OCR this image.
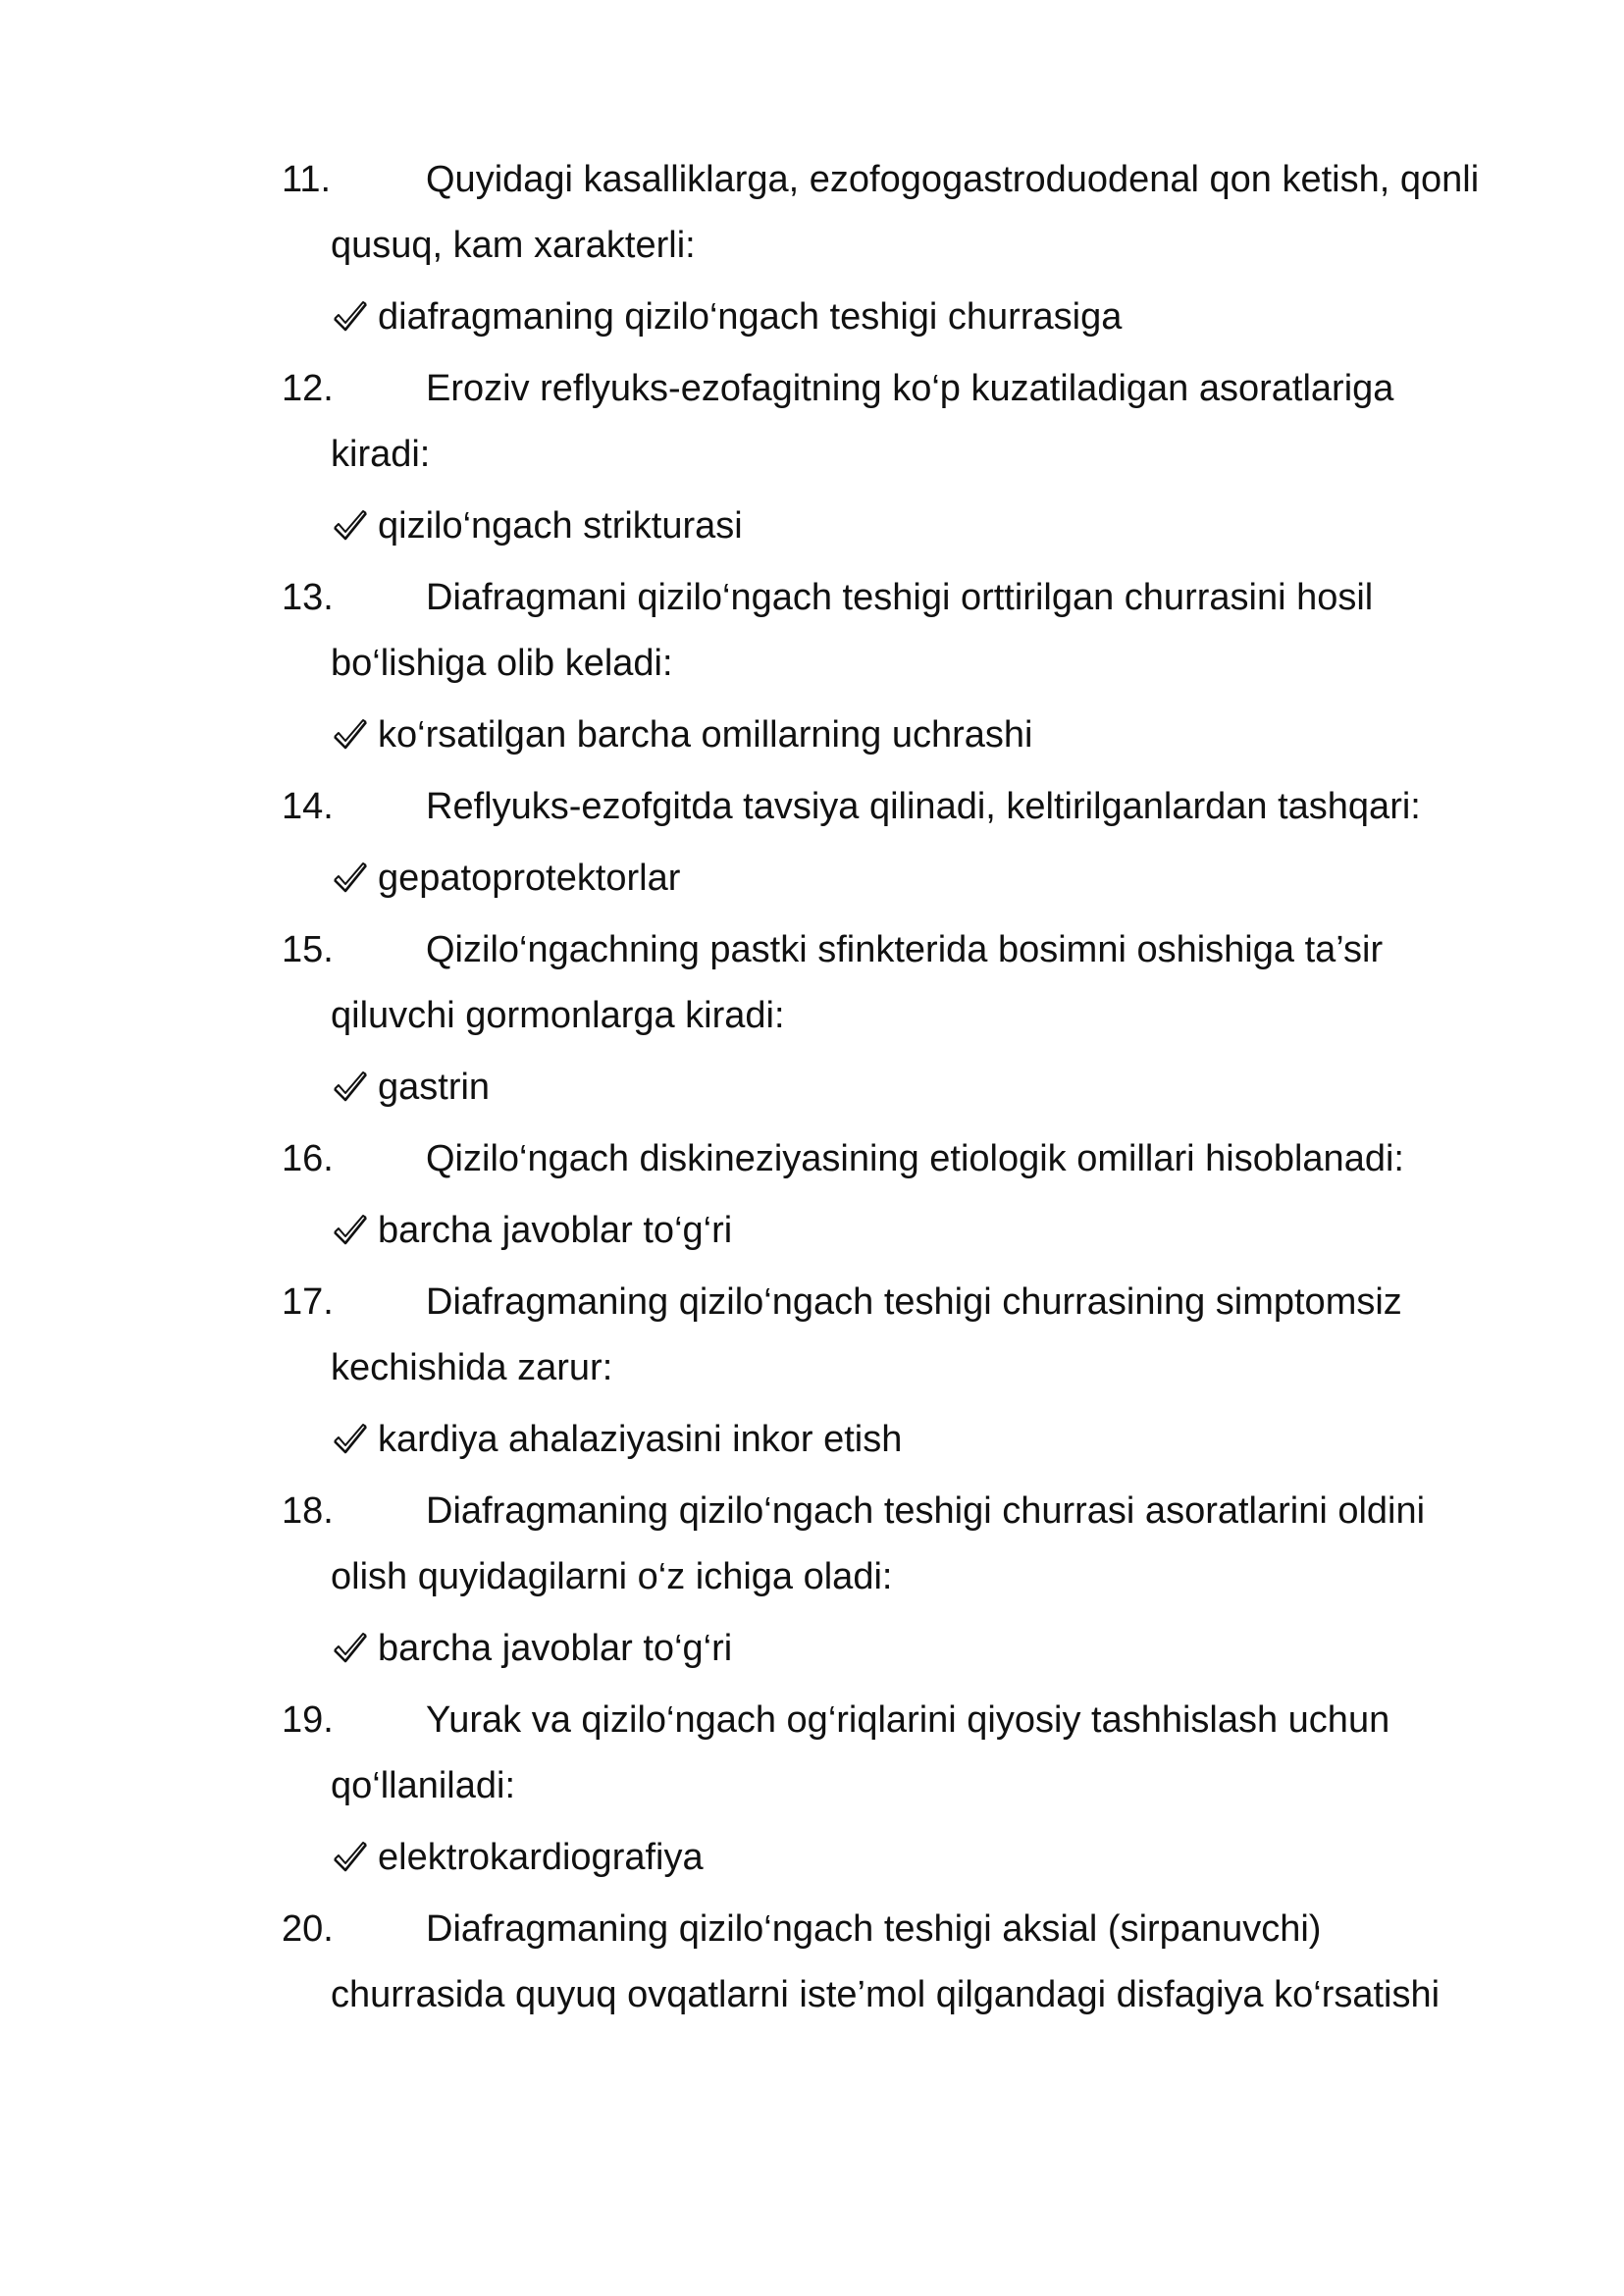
11.	Quyidagi kasalliklarga, ezofogogastroduodenal qon ketish, qonli
qusuq, kam xarakterli:
diafragmaning qizilo‘ngach teshigi churrasiga
12.	Eroziv reflyuks-ezofagitning ko‘p kuzatiladigan asoratlariga
kiradi:
qizilo‘ngach strikturasi
13.	Diafragmani qizilo‘ngach teshigi orttirilgan churrasini hosil
bo‘lishiga olib keladi:
ko‘rsatilgan barcha omillarning uchrashi
14.	Reflyuks-ezofgitda tavsiya qilinadi, keltirilganlardan tashqari:
gepatoprotektorlar
15.	Qizilo‘ngachning pastki sfinkterida bosimni oshishiga ta’sir
qiluvchi gormonlarga kiradi:
gastrin
16.	Qizilo‘ngach diskineziyasining etiologik omillari hisoblanadi:
barcha javoblar to‘g‘ri
17.	Diafragmaning qizilo‘ngach teshigi churrasining simptomsiz
kechishida zarur:
kardiya ahalaziyasini inkor etish
18.	Diafragmaning qizilo‘ngach teshigi churrasi asoratlarini oldini
olish quyidagilarni o‘z ichiga oladi:
barcha javoblar to‘g‘ri
19.	Yurak va qizilo‘ngach og‘riqlarini qiyosiy tashhislash uchun
qo‘llaniladi:
elektrokardiografiya
20.	Diafragmaning qizilo‘ngach teshigi aksial (sirpanuvchi)
churrasida quyuq ovqatlarni iste’mol qilgandagi disfagiya ko‘rsatishi
